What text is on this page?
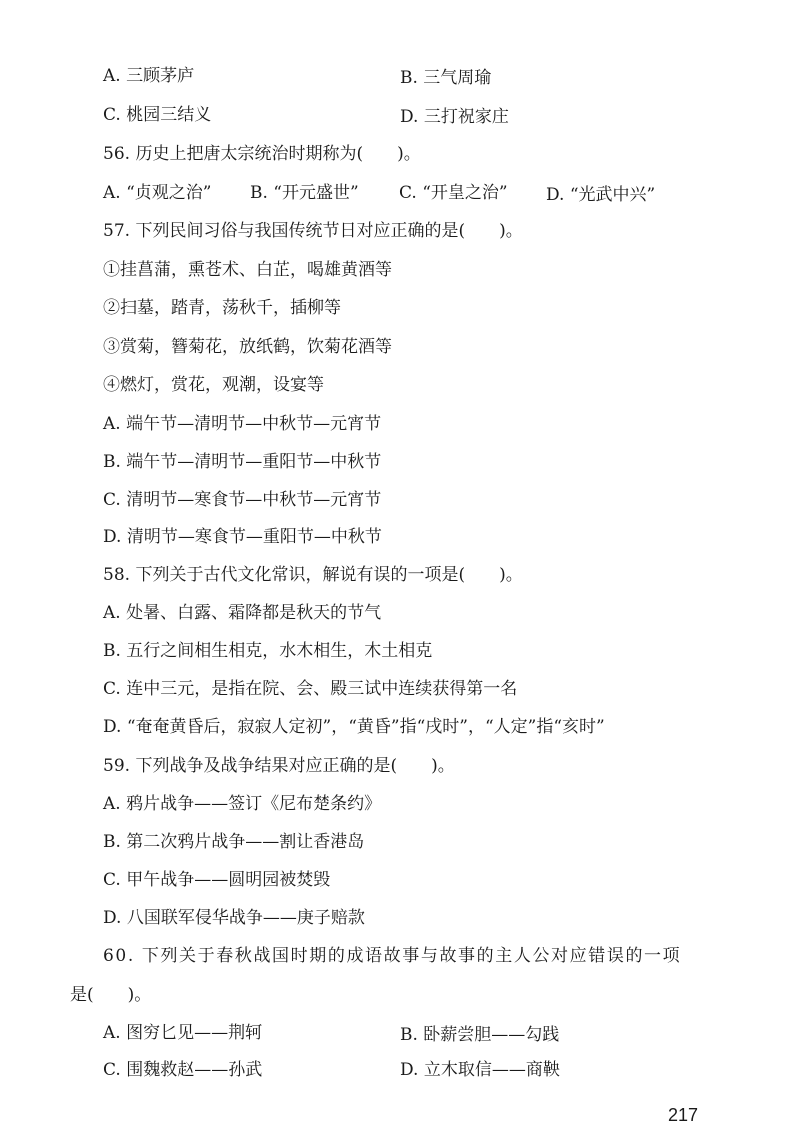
A. 三顾茅庐	B. 三气周瑜
C. 桃园三结义	D. 三打祝家庄
56. 历史上把唐太宗统治时期称为(　　)。
A. “贞观之治” B. “开元盛世” C. “开皇之治” D. “光武中兴”
57. 下列民间习俗与我国传统节日对应正确的是(　　)。
①挂菖蒲，熏苍术、白芷，喝雄黄酒等
②扫墓，踏青，荡秋千，插柳等
③赏菊，簪菊花，放纸鹤，饮菊花酒等
④燃灯，赏花，观潮，设宴等
A. 端午节—清明节—中秋节—元宵节
B. 端午节—清明节—重阳节—中秋节
C. 清明节—寒食节—中秋节—元宵节
D. 清明节—寒食节—重阳节—中秋节
58. 下列关于古代文化常识，解说有误的一项是(　　)。
A. 处暑、白露、霜降都是秋天的节气
B. 五行之间相生相克，水木相生，木土相克
C. 连中三元，是指在院、会、殿三试中连续获得第一名
D. “奄奄黄昏后，寂寂人定初”，“黄昏”指“戌时”，“人定”指“亥时”
59. 下列战争及战争结果对应正确的是(　　)。
A. 鸦片战争——签订《尼布楚条约》
B. 第二次鸦片战争——割让香港岛
C. 甲午战争——圆明园被焚毁
D. 八国联军侵华战争——庚子赔款
60. 下列关于春秋战国时期的成语故事与故事的主人公对应错误的一项
是(　　)。
A. 图穷匕见——荆轲	B. 卧薪尝胆——勾践
C. 围魏救赵——孙武	D. 立木取信——商鞅
217
